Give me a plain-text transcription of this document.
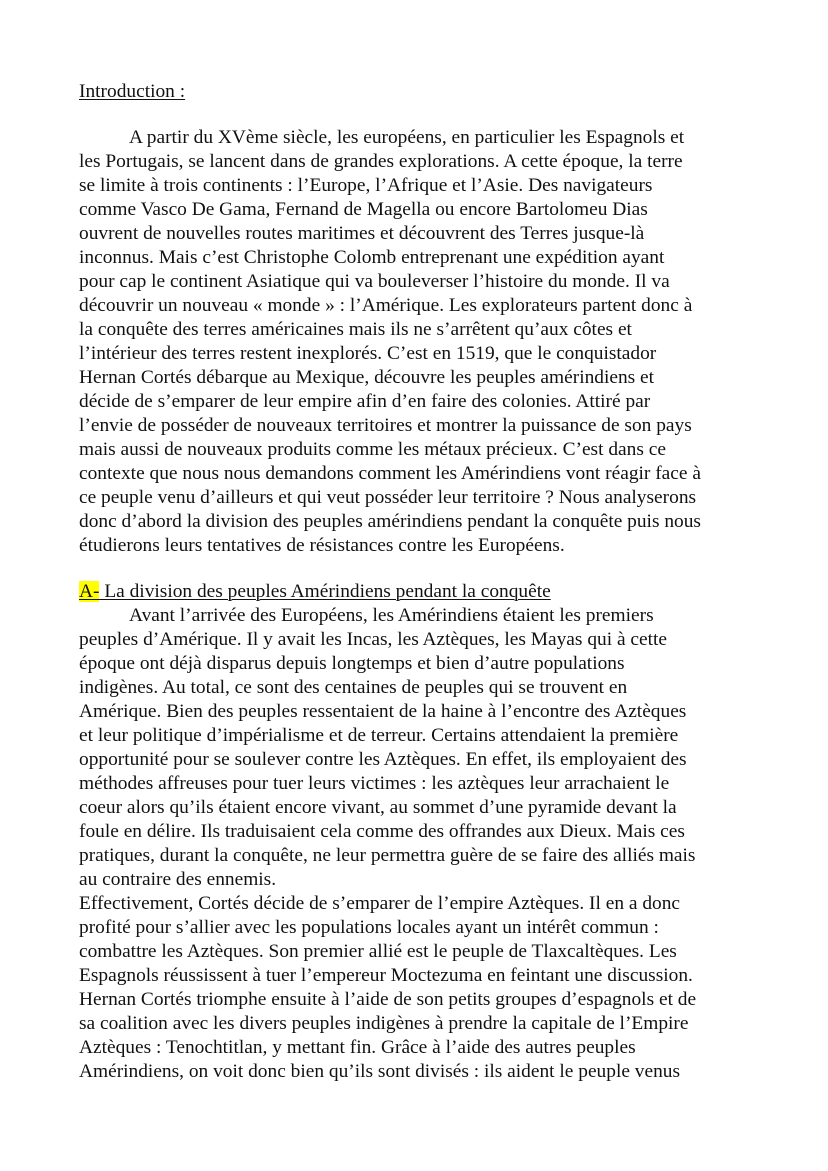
Introduction :
A partir du XVème siècle, les européens, en particulier les Espagnols et
les Portugais, se lancent dans de grandes explorations. A cette époque, la terre
se limite à trois continents : l’Europe, l’Afrique et l’Asie. Des navigateurs
comme Vasco De Gama, Fernand de Magella ou encore Bartolomeu Dias
ouvrent de nouvelles routes maritimes et découvrent des Terres jusque-là
inconnus. Mais c’est Christophe Colomb entreprenant une expédition ayant
pour cap le continent Asiatique qui va bouleverser l’histoire du monde. Il va
découvrir un nouveau « monde » : l’Amérique. Les explorateurs partent donc à
la conquête des terres américaines mais ils ne s’arrêtent qu’aux côtes et
l’intérieur des terres restent inexplorés. C’est en 1519, que le conquistador
Hernan Cortés débarque au Mexique, découvre les peuples amérindiens et
décide de s’emparer de leur empire afin d’en faire des colonies. Attiré par
l’envie de posséder de nouveaux territoires et montrer la puissance de son pays
mais aussi de nouveaux produits comme les métaux précieux. C’est dans ce
contexte que nous nous demandons comment les Amérindiens vont réagir face à
ce peuple venu d’ailleurs et qui veut posséder leur territoire ? Nous analyserons
donc d’abord la division des peuples amérindiens pendant la conquête puis nous
étudierons leurs tentatives de résistances contre les Européens.
A- La division des peuples Amérindiens pendant la conquête
Avant l’arrivée des Européens, les Amérindiens étaient les premiers
peuples d’Amérique. Il y avait les Incas, les Aztèques, les Mayas qui à cette
époque ont déjà disparus depuis longtemps et bien d’autre populations
indigènes. Au total, ce sont des centaines de peuples qui se trouvent en
Amérique. Bien des peuples ressentaient de la haine à l’encontre des Aztèques
et leur politique d’impérialisme et de terreur. Certains attendaient la première
opportunité pour se soulever contre les Aztèques. En effet, ils employaient des
méthodes affreuses pour tuer leurs victimes : les aztèques leur arrachaient le
coeur alors qu’ils étaient encore vivant, au sommet d’une pyramide devant la
foule en délire. Ils traduisaient cela comme des offrandes aux Dieux. Mais ces
pratiques, durant la conquête, ne leur permettra guère de se faire des alliés mais
au contraire des ennemis.
Effectivement, Cortés décide de s’emparer de l’empire Aztèques. Il en a donc
profité pour s’allier avec les populations locales ayant un intérêt commun :
combattre les Aztèques. Son premier allié est le peuple de Tlaxcaltèques. Les
Espagnols réussissent à tuer l’empereur Moctezuma en feintant une discussion.
Hernan Cortés triomphe ensuite à l’aide de son petits groupes d’espagnols et de
sa coalition avec les divers peuples indigènes à prendre la capitale de l’Empire
Aztèques : Tenochtitlan, y mettant fin. Grâce à l’aide des autres peuples
Amérindiens, on voit donc bien qu’ils sont divisés : ils aident le peuple venus
